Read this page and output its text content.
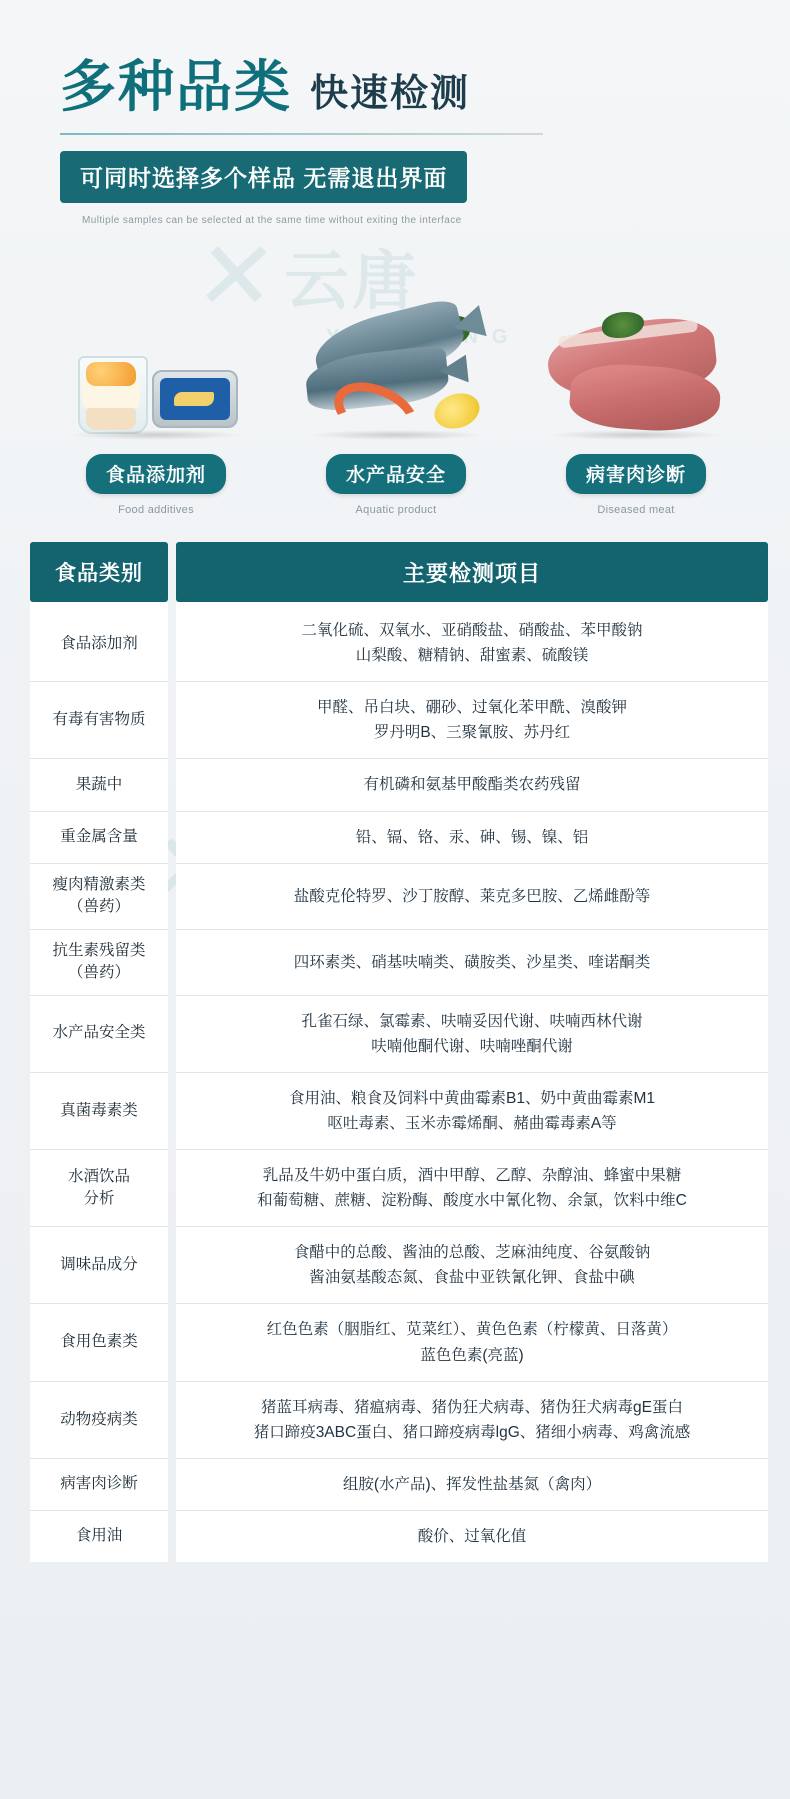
✕ 云唐
多种品类 快速检测
可同时选择多个样品 无需退出界面
Multiple samples can be selected at the same time without exiting the interface
食品添加剂
Food additives
水产品安全
Aquatic product
病害肉诊断
Diseased meat
食品类别	主要检测项目
食品添加剂	二氧化硫、双氧水、亚硝酸盐、硝酸盐、苯甲酸钠
山梨酸、糖精钠、甜蜜素、硫酸镁

有毒有害物质	甲醛、吊白块、硼砂、过氧化苯甲酰、溴酸钾
罗丹明B、三聚氰胺、苏丹红

果蔬中	有机磷和氨基甲酸酯类农药残留

重金属含量	铅、镉、铬、汞、砷、锡、镍、铝

瘦肉精激素类
（兽药）	盐酸克伦特罗、沙丁胺醇、莱克多巴胺、乙烯雌酚等

抗生素残留类
（兽药）	四环素类、硝基呋喃类、磺胺类、沙星类、喹诺酮类

水产品安全类	孔雀石绿、氯霉素、呋喃妥因代谢、呋喃西林代谢
呋喃他酮代谢、呋喃唑酮代谢

真菌毒素类	食用油、粮食及饲料中黄曲霉素B1、奶中黄曲霉素M1
呕吐毒素、玉米赤霉烯酮、赭曲霉毒素A等

水酒饮品
分析	乳品及牛奶中蛋白质，酒中甲醇、乙醇、杂醇油、蜂蜜中果糖
和葡萄糖、蔗糖、淀粉酶、酸度水中氰化物、余氯，饮料中维C

调味品成分	食醋中的总酸、酱油的总酸、芝麻油纯度、谷氨酸钠
酱油氨基酸态氮、食盐中亚铁氰化钾、食盐中碘

食用色素类	红色色素（胭脂红、苋菜红）、黄色色素（柠檬黄、日落黄）
蓝色色素(亮蓝)

动物疫病类	猪蓝耳病毒、猪瘟病毒、猪伪狂犬病毒、猪伪狂犬病毒gE蛋白
猪口蹄疫3ABC蛋白、猪口蹄疫病毒lgG、猪细小病毒、鸡禽流感

病害肉诊断	组胺(水产品)、挥发性盐基氮（禽肉）

食用油	酸价、过氧化值
